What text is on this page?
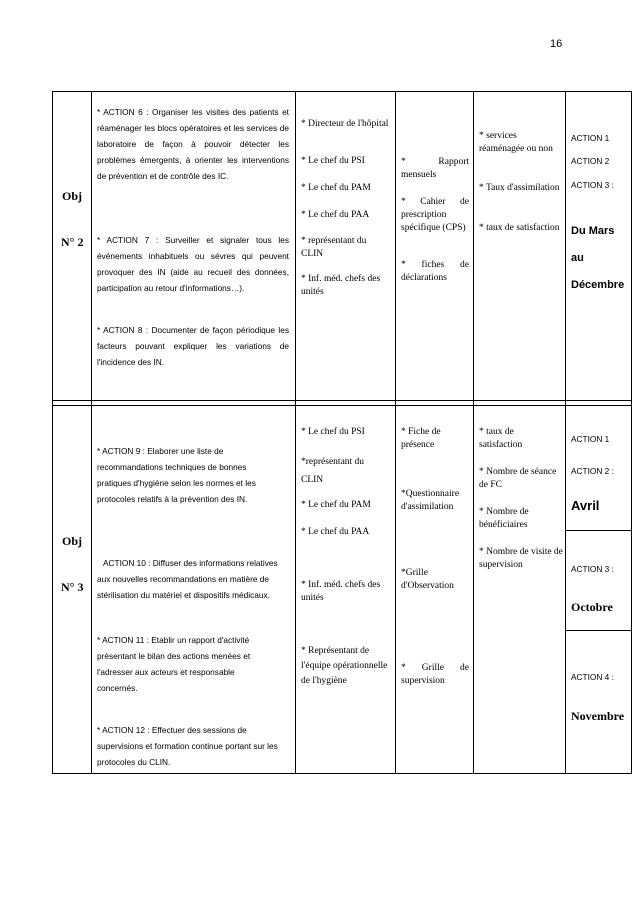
16
Obj
N° 2
* ACTION 6 : Organiser les visites des patients et réaménager les blocs opératoires et les services de laboratoire de façon à pouvoir détecter les problèmes émergents, à orienter les interventions de prévention et de contrôle des IC.
* ACTION 7 : Surveiller et signaler tous les événements inhabituels ou sévres qui peuvent provoquer des IN (aide au recueil des données, participation au retour d'informations…).
* ACTION 8 : Documenter de façon périodique les facteurs pouvant expliquer les variations de l'incidence des IN.
* Directeur de l'hôpital
* Le chef du PSI
* Le chef du PAM
* Le chef du PAA
* représentant du CLIN
* Inf. méd. chefs des unités
* Rapport mensuels
* Cahier de prescription spécifique (CPS)
* fiches de déclarations
* services réaménagée ou non
* Taux d'assimilation
* taux de satisfaction
ACTION 1
ACTION 2
ACTION 3 :
Du Mars au Décembre
Obj
N° 3
* ACTION 9 : Elaborer une liste de recommandations techniques de bonnes pratiques d'hygiène selon les normes et les protocoles relatifs à la prévention des IN.
ACTION 10 : Diffuser des informations relatives aux nouvelles recommandations en matière de stérilisation du matériel et dispositifs médicaux.
* ACTION 11 : Etablir un rapport d'activité présentant le bilan des actions menées et l'adresser aux acteurs et responsable concernés.
* ACTION 12 : Effectuer des sessions de supervisions et formation continue portant sur les protocoles du CLIN.
* Le chef du PSI
*représentant du CLIN
* Le chef du PAM
* Le chef du PAA
* Inf. méd. chefs des unités
* Représentant de l'équipe opérationnelle de l'hygiène
* Fiche de présence
*Questionnaire d'assimilation
*Grille d'Observation
* Grille de supervision
* taux de satisfaction
* Nombre de séance de FC
* Nombre de bénéficiaires
* Nombre de visite de supervision
ACTION 1
ACTION 2 :
Avril
ACTION 3 :
Octobre
ACTION 4 :
Novembre
